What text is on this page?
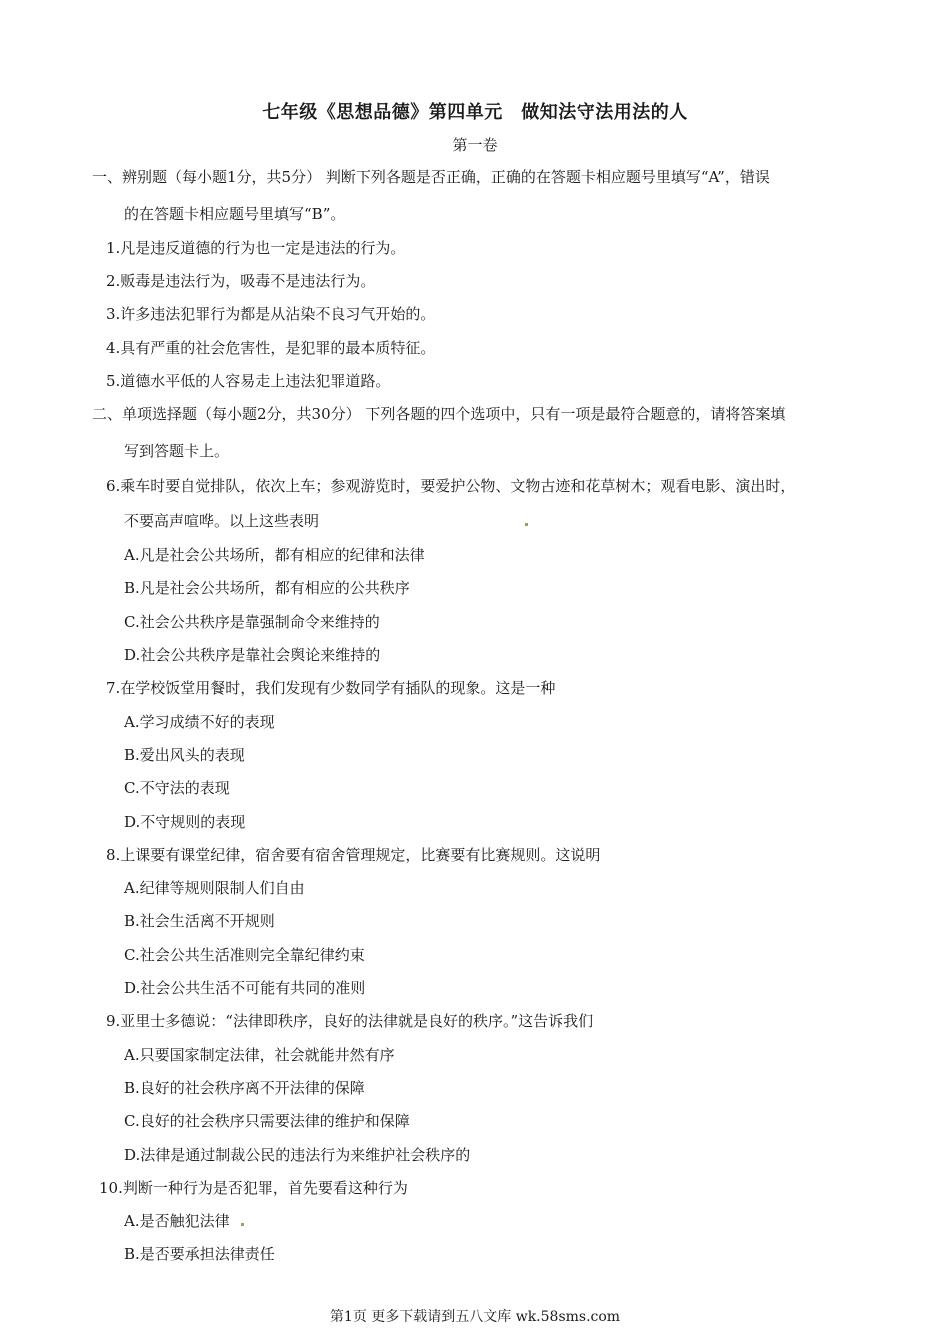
七年级《思想品德》第四单元　做知法守法用法的人
第一卷
一、辨别题（每小题1分，共5分） 判断下列各题是否正确，正确的在答题卡相应题号里填写“A”，错误
的在答题卡相应题号里填写“B”。
1.凡是违反道德的行为也一定是违法的行为。
2.贩毒是违法行为，吸毒不是违法行为。
3.许多违法犯罪行为都是从沾染不良习气开始的。
4.具有严重的社会危害性，是犯罪的最本质特征。
5.道德水平低的人容易走上违法犯罪道路。
二、单项选择题（每小题2分，共30分） 下列各题的四个选项中，只有一项是最符合题意的，请将答案填
写到答题卡上。
6.乘车时要自觉排队，依次上车；参观游览时，要爱护公物、文物古迹和花草树木；观看电影、演出时，
不要高声喧哗。以上这些表明
A.凡是社会公共场所，都有相应的纪律和法律
B.凡是社会公共场所，都有相应的公共秩序
C.社会公共秩序是靠强制命令来维持的
D.社会公共秩序是靠社会舆论来维持的
7.在学校饭堂用餐时，我们发现有少数同学有插队的现象。这是一种
A.学习成绩不好的表现
B.爱出风头的表现
C.不守法的表现
D.不守规则的表现
8.上课要有课堂纪律，宿舍要有宿舍管理规定，比赛要有比赛规则。这说明
A.纪律等规则限制人们自由
B.社会生活离不开规则
C.社会公共生活准则完全靠纪律约束
D.社会公共生活不可能有共同的准则
9.亚里士多德说：“法律即秩序，良好的法律就是良好的秩序。”这告诉我们
A.只要国家制定法律，社会就能井然有序
B.良好的社会秩序离不开法律的保障
C.良好的社会秩序只需要法律的维护和保障
D.法律是通过制裁公民的违法行为来维护社会秩序的
10.判断一种行为是否犯罪，首先要看这种行为
A.是否触犯法律
B.是否要承担法律责任
第1页 更多下载请到五八文库 wk.58sms.com
